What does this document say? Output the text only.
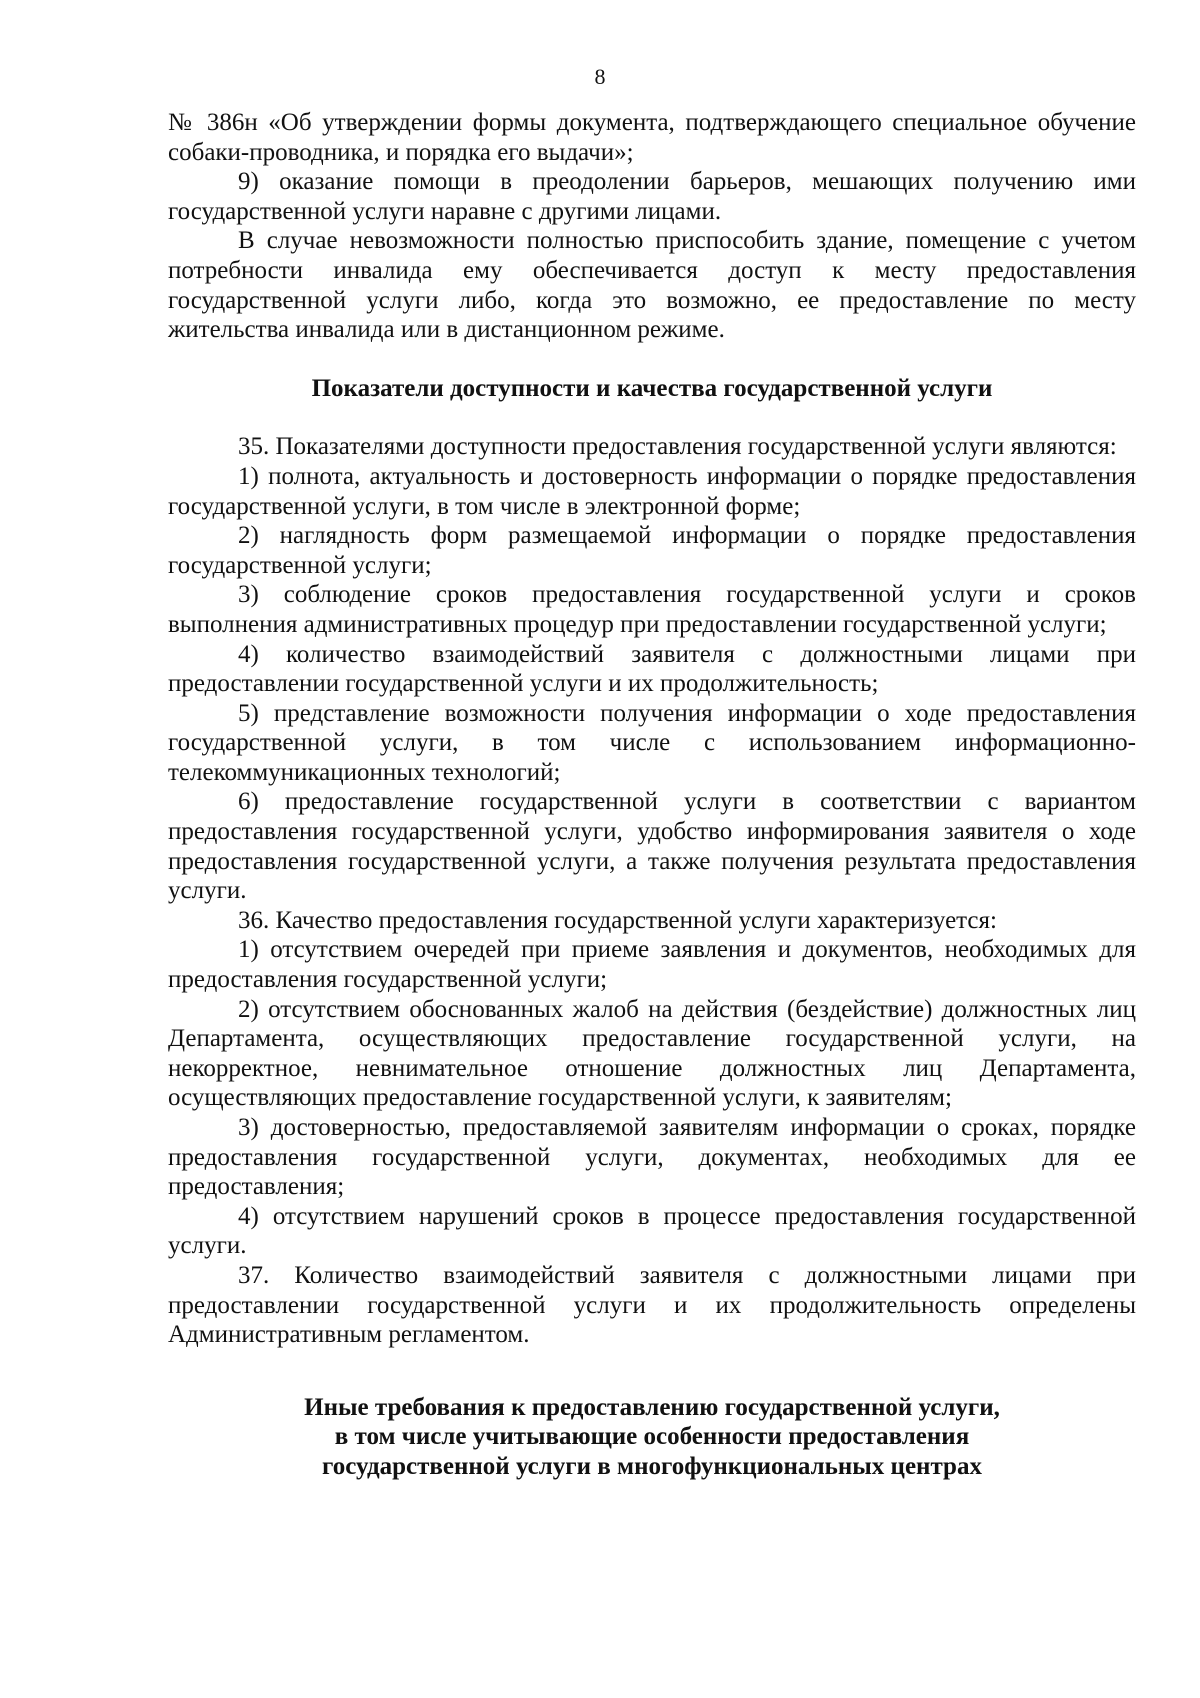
8

№ 386н «Об утверждении формы документа, подтверждающего специальное обучение собаки-проводника, и порядка его выдачи»;

9) оказание помощи в преодолении барьеров, мешающих получению ими государственной услуги наравне с другими лицами.

В случае невозможности полностью приспособить здание, помещение с учетом потребности инвалида ему обеспечивается доступ к месту предоставления государственной услуги либо, когда это возможно, ее предоставление по месту жительства инвалида или в дистанционном режиме.

Показатели доступности и качества государственной услуги

35. Показателями доступности предоставления государственной услуги являются:

1) полнота, актуальность и достоверность информации о порядке предоставления государственной услуги, в том числе в электронной форме;

2) наглядность форм размещаемой информации о порядке предоставления государственной услуги;

3) соблюдение сроков предоставления государственной услуги и сроков выполнения административных процедур при предоставлении государственной услуги;

4) количество взаимодействий заявителя с должностными лицами при предоставлении государственной услуги и их продолжительность;

5) представление возможности получения информации о ходе предоставления государственной услуги, в том числе с использованием информационно-телекоммуникационных технологий;

6) предоставление государственной услуги в соответствии с вариантом предоставления государственной услуги, удобство информирования заявителя о ходе предоставления государственной услуги, а также получения результата предоставления услуги.

36. Качество предоставления государственной услуги характеризуется:

1) отсутствием очередей при приеме заявления и документов, необходимых для предоставления государственной услуги;

2) отсутствием обоснованных жалоб на действия (бездействие) должностных лиц Департамента, осуществляющих предоставление государственной услуги, на некорректное, невнимательное отношение должностных лиц Департамента, осуществляющих предоставление государственной услуги, к заявителям;

3) достоверностью, предоставляемой заявителям информации о сроках, порядке предоставления государственной услуги, документах, необходимых для ее предоставления;

4) отсутствием нарушений сроков в процессе предоставления государственной услуги.

37. Количество взаимодействий заявителя с должностными лицами при предоставлении государственной услуги и их продолжительность определены Административным регламентом.

Иные требования к предоставлению государственной услуги,
в том числе учитывающие особенности предоставления
государственной услуги в многофункциональных центрах
